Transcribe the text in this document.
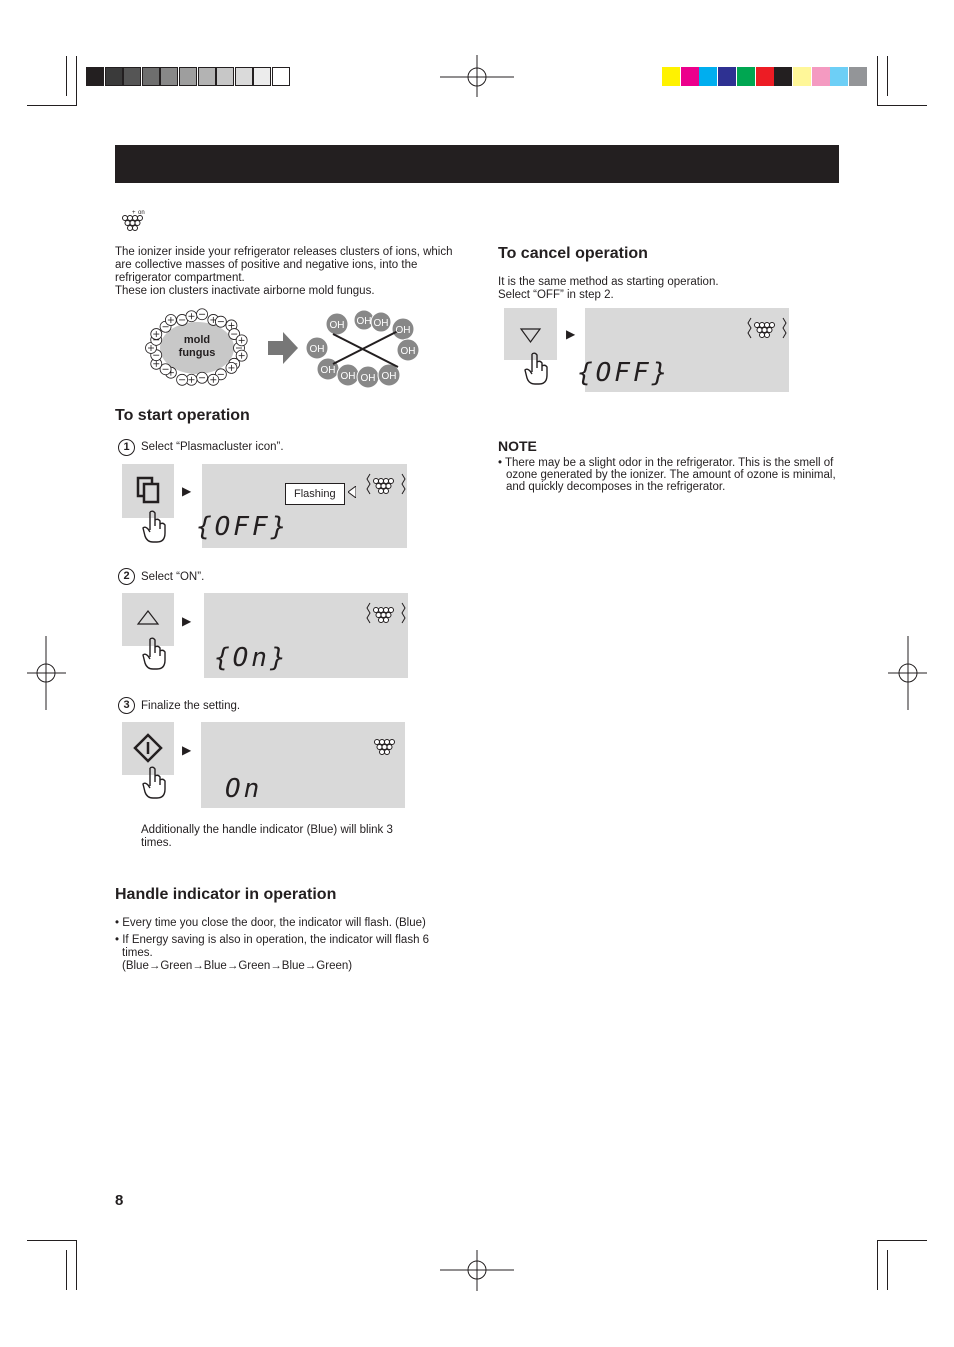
+ on
The ionizer inside your refrigerator releases clusters of ions, which are collective masses of positive and negative ions, into the refrigerator compartment.
These ion clusters inactivate airborne mold fungus.
OH OH OH
OH
OH	OH
OH
OH OH OH
mold
fungus
To start operation
1 Select “Plasmacluster icon”.
▶	Flashing
{OFF}
2 Select “ON”.
▶
{On}
3 Finalize the setting.
▶
On
Additionally the handle indicator (Blue) will blink 3 times.
Handle indicator in operation
• Every time you close the door, the indicator will flash. (Blue)
• If Energy saving is also in operation, the indicator will flash 6 times.
(Blue→Green→Blue→Green→Blue→Green)
To cancel operation
It is the same method as starting operation.
Select “OFF” in step 2.
▶
{OFF}
NOTE
• There may be a slight odor in the refrigerator. This is the smell of ozone generated by the ionizer. The amount of ozone is minimal, and quickly decomposes in the refrigerator.
8
